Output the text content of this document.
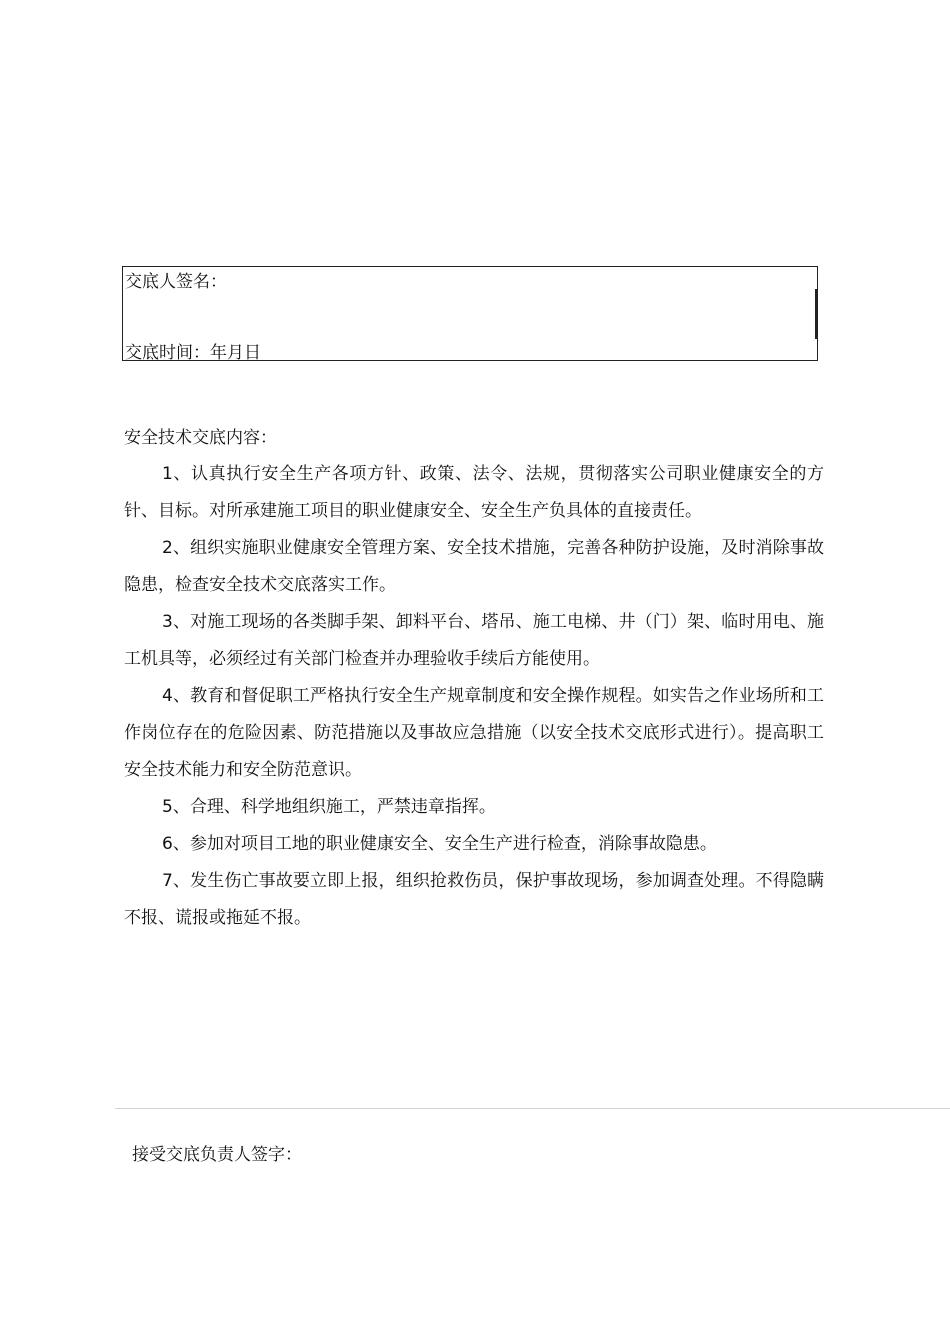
交底人签名：
交底时间：年月日

安全技术交底内容：

1、认真执行安全生产各项方针、政策、法令、法规，贯彻落实公司职业健康安全的方针、目标。对所承建施工项目的职业健康安全、安全生产负具体的直接责任。

2、组织实施职业健康安全管理方案、安全技术措施，完善各种防护设施，及时消除事故隐患，检查安全技术交底落实工作。

3、对施工现场的各类脚手架、卸料平台、塔吊、施工电梯、井（门）架、临时用电、施工机具等，必须经过有关部门检查并办理验收手续后方能使用。

4、教育和督促职工严格执行安全生产规章制度和安全操作规程。如实告之作业场所和工作岗位存在的危险因素、防范措施以及事故应急措施（以安全技术交底形式进行）。提高职工安全技术能力和安全防范意识。

5、合理、科学地组织施工，严禁违章指挥。

6、参加对项目工地的职业健康安全、安全生产进行检查，消除事故隐患。

7、发生伤亡事故要立即上报，组织抢救伤员，保护事故现场，参加调查处理。不得隐瞒不报、谎报或拖延不报。

接受交底负责人签字：
